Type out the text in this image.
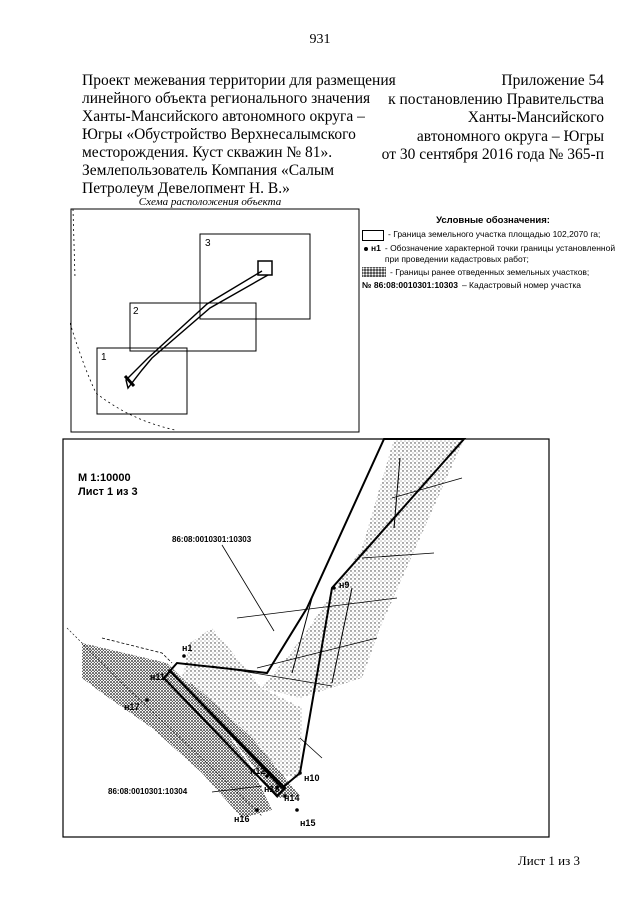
931
Проект межевания территории для размещения
линейного объекта регионального значения
Ханты-Мансийского автономного округа –
Югры «Обустройство Верхнесалымского
месторождения. Куст скважин № 81».
Землепользователь Компания «Салым
Петролеум Девелопмент Н. В.»
Приложение 54
к постановлению Правительства
Ханты-Мансийского
автономного округа – Югры
от 30 сентября 2016 года № 365-п
Схема расположения объекта
3
2
1
Условные обозначения:
- Граница земельного участка площадью 102,2070 га;
н1 - Обозначение характерной точки границы установленной при проведении кадастровых работ;
- Границы ранее отведенных земельных участков;
№ 86:08:0010301:10303 – Кадастровый номер участка
М 1:10000
Лист 1 из 3
86:08:0010301:10303
86:08:0010301:10304
н1
н9
н10
н11
н12
н13
н14
н15
н16
н17
Лист 1 из 3
